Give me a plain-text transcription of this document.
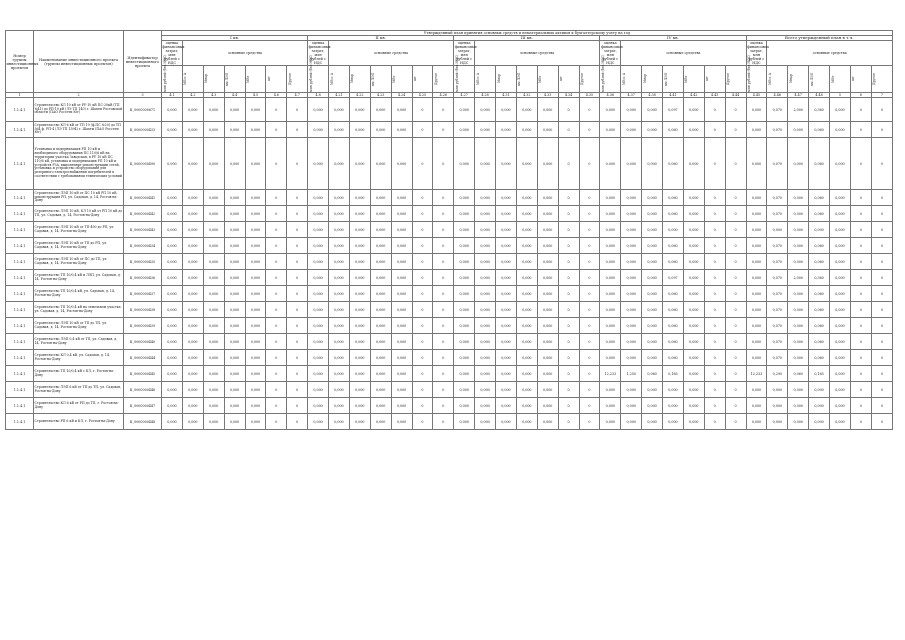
Номер группы инвестиционных проектов	Наименование инвестиционного проекта (группы инвестиционных проектов)	Идентификатор инвестиционного проекта	Утвержденный план принятия основных средств и нематериальных активов к бухгалтерскому учету на год																																		
			I кв.							II кв.							III кв.							IV кв.							Всего утвержденный план в т.ч.						
			оценка финансовых затрат, млн рублей с НДС	основные средства						оценка финансовых затрат, млн рублей с НДС	основные средства						оценка финансовых затрат, млн рублей с НДС	основные средства						оценка финансовых затрат, млн рублей с НДС	основные средства						оценка финансовых затрат, млн рублей с НДС	основные средства					

			млн рублей (без НДС)	МВ×А	Мвар	км ЛЭП	МВт	шт	Другое	млн рублей (без НДС)	МВ×А	Мвар	км ЛЭП	МВт	шт	Другое	млн рублей (без НДС)	МВ×А	Мвар	км ЛЭП	МВт	шт	Другое	млн рублей (без НДС)	МВ×А	Мвар	км ЛЭП	МВт	шт	Другое	млн рублей (без НДС)	МВ×А	Мвар	км ЛЭП	МВт	шт	Другое

1	2	3	4.1	4.2	4.3	4.4	4.5	4.6	4.7	4.8	4.21	4.22	4.23	4.24	4.25	4.26	4.27	4.28	4.31	4.32	4.33	4.34	4.35	4.36	4.37	4.38	4.41	4.42	4.43	4.44	4.45	4.46	4.47	4.48	5	6	7
1.1.4.1	Строительство КЛ 10 кВ от РУ-10 кВ ПС-20кВ (ТП №41) до РП-10 кВ (ЛЭ ТП 140) г. Шахты Ростовской области (ПАО Россети Юг)	К_0000000671	0,000	0,000	0,000	0,000	0,000	0	0	0,000	0,000	0,000	0,000	0,000	0	0	0,000	0,000	0,000	0,000	0,000	0	0	0,000	0,000	0,000	0,097	0,000	0	0	0,000	0,070	2,000	0,360	0,000	0	0
1.1.4.1	Строительство КЛ 6 кВ от ТП 19 (ф.ПС №20) до ТП 564 ф. РП-4 (ЛЭ ТП 1594) г. Шахты (ПАО Россети Юг)	К_0000000433	0,000	0,000	0,000	0,000	0,000	0	0	0,000	0,000	0,000	0,000	0,000	0	0	0,000	0,000	0,000	0,000	0,000	0	0	0,000	0,000	0,000	0,060	0,000	0	0	0,000	0,070	0,000	0,060	0,000	0	0
1.1.4.1	Установка и модернизация РП 10 кВ и необходимого оборудования ПС 110/6 кВ на территории участка Заводская, в РУ 10 кВ ПС 110/6 кВ, установка и модернизация РП 10 кВ и устройств РЗА, выполнение реконструкции сетей, установка и устройство оборудования для резервного электроснабжения потребителей в соответствии с требованиями технических условий	К_0000000490	0,000	0,000	0,000	0,000	0,000	0	0	0,000	0,000	0,000	0,000	0,000	0	0	0,000	0,000	0,000	0,000	0,000	0	0	0,000	0,000	0,000	0,060	0,000	0	0	0,000	0,070	0,000	0,060	0,000	0	0
1.1.4.1	Строительство ЛЭП 10 кВ от ПС 10 кВ РП 10 кВ, реконструкция РП, ул. Садовая, д. 14, Ростов-на-Дону	К_0000000441	0,000	0,000	0,000	0,000	0,000	0	0	0,000	0,000	0,000	0,000	0,000	0	0	0,000	0,000	0,000	0,000	0,000	0	0	0,000	0,000	0,000	0,060	0,000	0	0	0,000	0,070	0,000	0,060	0,000	0	0
1.1.4.1	Строительство ЛЭП 10 кВ, КЛ 10 кВ от РП 10 кВ до ТП, ул. Садовая, д. 14, Ростов-на-Дону	К_0000000442	0,000	0,000	0,000	0,000	0,000	0	0	0,000	0,000	0,000	0,000	0,000	0	0	0,000	0,000	0,000	0,000	0,000	0	0	0,000	0,000	0,000	0,060	0,000	0	0	0,000	0,070	0,000	0,060	0,000	0	0
1.1.4.1	Строительство ЛЭП 10 кВ от ТП-490 до РП, ул. Садовая, д. 14, Ростов-на-Дону	К_0000000443	0,000	0,000	0,000	0,000	0,000	0	0	0,000	0,000	0,000	0,000	0,000	0	0	0,000	0,000	0,000	0,000	0,000	0	0	0,000	0,000	0,000	0,000	0,000	0	0	0,000	0,000	0,000	0,000	0,000	0	0
1.1.4.1	Строительство ЛЭП 10 кВ от ТП до РП, ул. Садовая, д. 14, Ростов-на-Дону	К_0000000434	0,000	0,000	0,000	0,000	0,000	0	0	0,000	0,000	0,000	0,000	0,000	0	0	0,000	0,000	0,000	0,000	0,000	0	0	0,000	0,000	0,000	0,060	0,000	0	0	0,000	0,070	0,000	0,060	0,000	0	0
1.1.4.1	Строительство ЛЭП 10 кВ от ПС до ТП, ул. Садовая, д. 14, Ростов-на-Дону	К_0000000435	0,000	0,000	0,000	0,000	0,000	0	0	0,000	0,000	0,000	0,000	0,000	0	0	0,000	0,000	0,000	0,000	0,000	0	0	0,000	0,000	0,000	0,060	0,000	0	0	0,000	0,070	0,000	0,060	0,000	0	0
1.1.4.1	Строительство ТП 10/0,4 кВ и ЛЭП, ул. Садовая, д. 14, Ростов-на-Дону	К_0000000436	0,000	0,000	0,000	0,000	0,000	0	0	0,000	0,000	0,000	0,000	0,000	0	0	0,000	0,000	0,000	0,000	0,000	0	0	0,000	0,000	0,000	0,097	0,000	0	0	0,000	0,070	2,000	0,360	0,000	0	0
1.1.4.1	Строительство ТП 10/0,4 кВ, ул. Садовая, д. 14, Ростов-на-Дону	К_0000000437	0,000	0,000	0,000	0,000	0,000	0	0	0,000	0,000	0,000	0,000	0,000	0	0	0,000	0,000	0,000	0,000	0,000	0	0	0,000	0,000	0,000	0,060	0,000	0	0	0,000	0,070	0,000	0,060	0,000	0	0
1.1.4.1	Строительство ТП 10/0,4 кВ на земельном участке, ул. Садовая, д. 14, Ростов-на-Дону	К_0000000438	0,000	0,000	0,000	0,000	0,000	0	0	0,000	0,000	0,000	0,000	0,000	0	0	0,000	0,000	0,000	0,000	0,000	0	0	0,000	0,000	0,000	0,060	0,000	0	0	0,000	0,070	0,000	0,060	0,000	0	0
1.1.4.1	Строительство ЛЭП 10 кВ от ТП до ТП, ул. Садовая, д. 14, Ростов-на-Дону	К_0000000439	0,000	0,000	0,000	0,000	0,000	0	0	0,000	0,000	0,000	0,000	0,000	0	0	0,000	0,000	0,000	0,000	0,000	0	0	0,000	0,000	0,000	0,060	0,000	0	0	0,000	0,070	0,000	0,060	0,000	0	0
1.1.4.1	Строительство ЛЭП 0,4 кВ от ТП, ул. Садовая, д. 14, Ростов-на-Дону	К_0000000440	0,000	0,000	0,000	0,000	0,000	0	0	0,000	0,000	0,000	0,000	0,000	0	0	0,000	0,000	0,000	0,000	0,000	0	0	0,000	0,000	0,000	0,060	0,000	0	0	0,000	0,070	0,000	0,060	0,000	0	0
1.1.4.1	Строительство КЛ 0,4 кВ, ул. Садовая, д. 14, Ростов-на-Дону	К_0000000444	0,000	0,000	0,000	0,000	0,000	0	0	0,000	0,000	0,000	0,000	0,000	0	0	0,000	0,000	0,000	0,000	0,000	0	0	0,000	0,000	0,000	0,060	0,000	0	0	0,000	0,070	0,000	0,060	0,000	0	0
1.1.4.1	Строительство ТП 10/0,4 кВ с КЛ, г. Ростов-на-Дону	К_0000000445	0,000	0,000	0,000	0,000	0,000	0	0	0,000	0,000	0,000	0,000	0,000	0	0	0,000	0,000	0,000	0,000	0,000	0	0	12,233	1,250	0,060	0,165	0,000	0	0	12,233	0,290	0,060	0,165	0,000	0	0
1.1.4.1	Строительство ЛЭП 6 кВ от ТП до ТП, ул. Садовая, Ростов-на-Дону	К_0000000446	0,000	0,000	0,000	0,000	0,000	0	0	0,000	0,000	0,000	0,000	0,000	0	0	0,000	0,000	0,000	0,000	0,000	0	0	0,000	0,000	0,000	0,000	0,000	0	0	0,000	0,000	0,000	0,000	0,000	0	0
1.1.4.1	Строительство КЛ 6 кВ от РП до ТП, г. Ростов-на-Дону	К_0000000447	0,000	0,000	0,000	0,000	0,000	0	0	0,000	0,000	0,000	0,000	0,000	0	0	0,000	0,000	0,000	0,000	0,000	0	0	0,000	0,000	0,000	0,000	0,000	0	0	0,000	0,000	0,000	0,000	0,000	0	0
1.1.4.1	Строительство РП 6 кВ и КЛ, г. Ростов-на-Дону	К_0000000448	0,000	0,000	0,000	0,000	0,000	0	0	0,000	0,000	0,000	0,000	0,000	0	0	0,000	0,000	0,000	0,000	0,000	0	0	0,000	0,000	0,000	0,000	0,000	0	0	0,000	0,000	0,000	0,000	0,000	0	0
